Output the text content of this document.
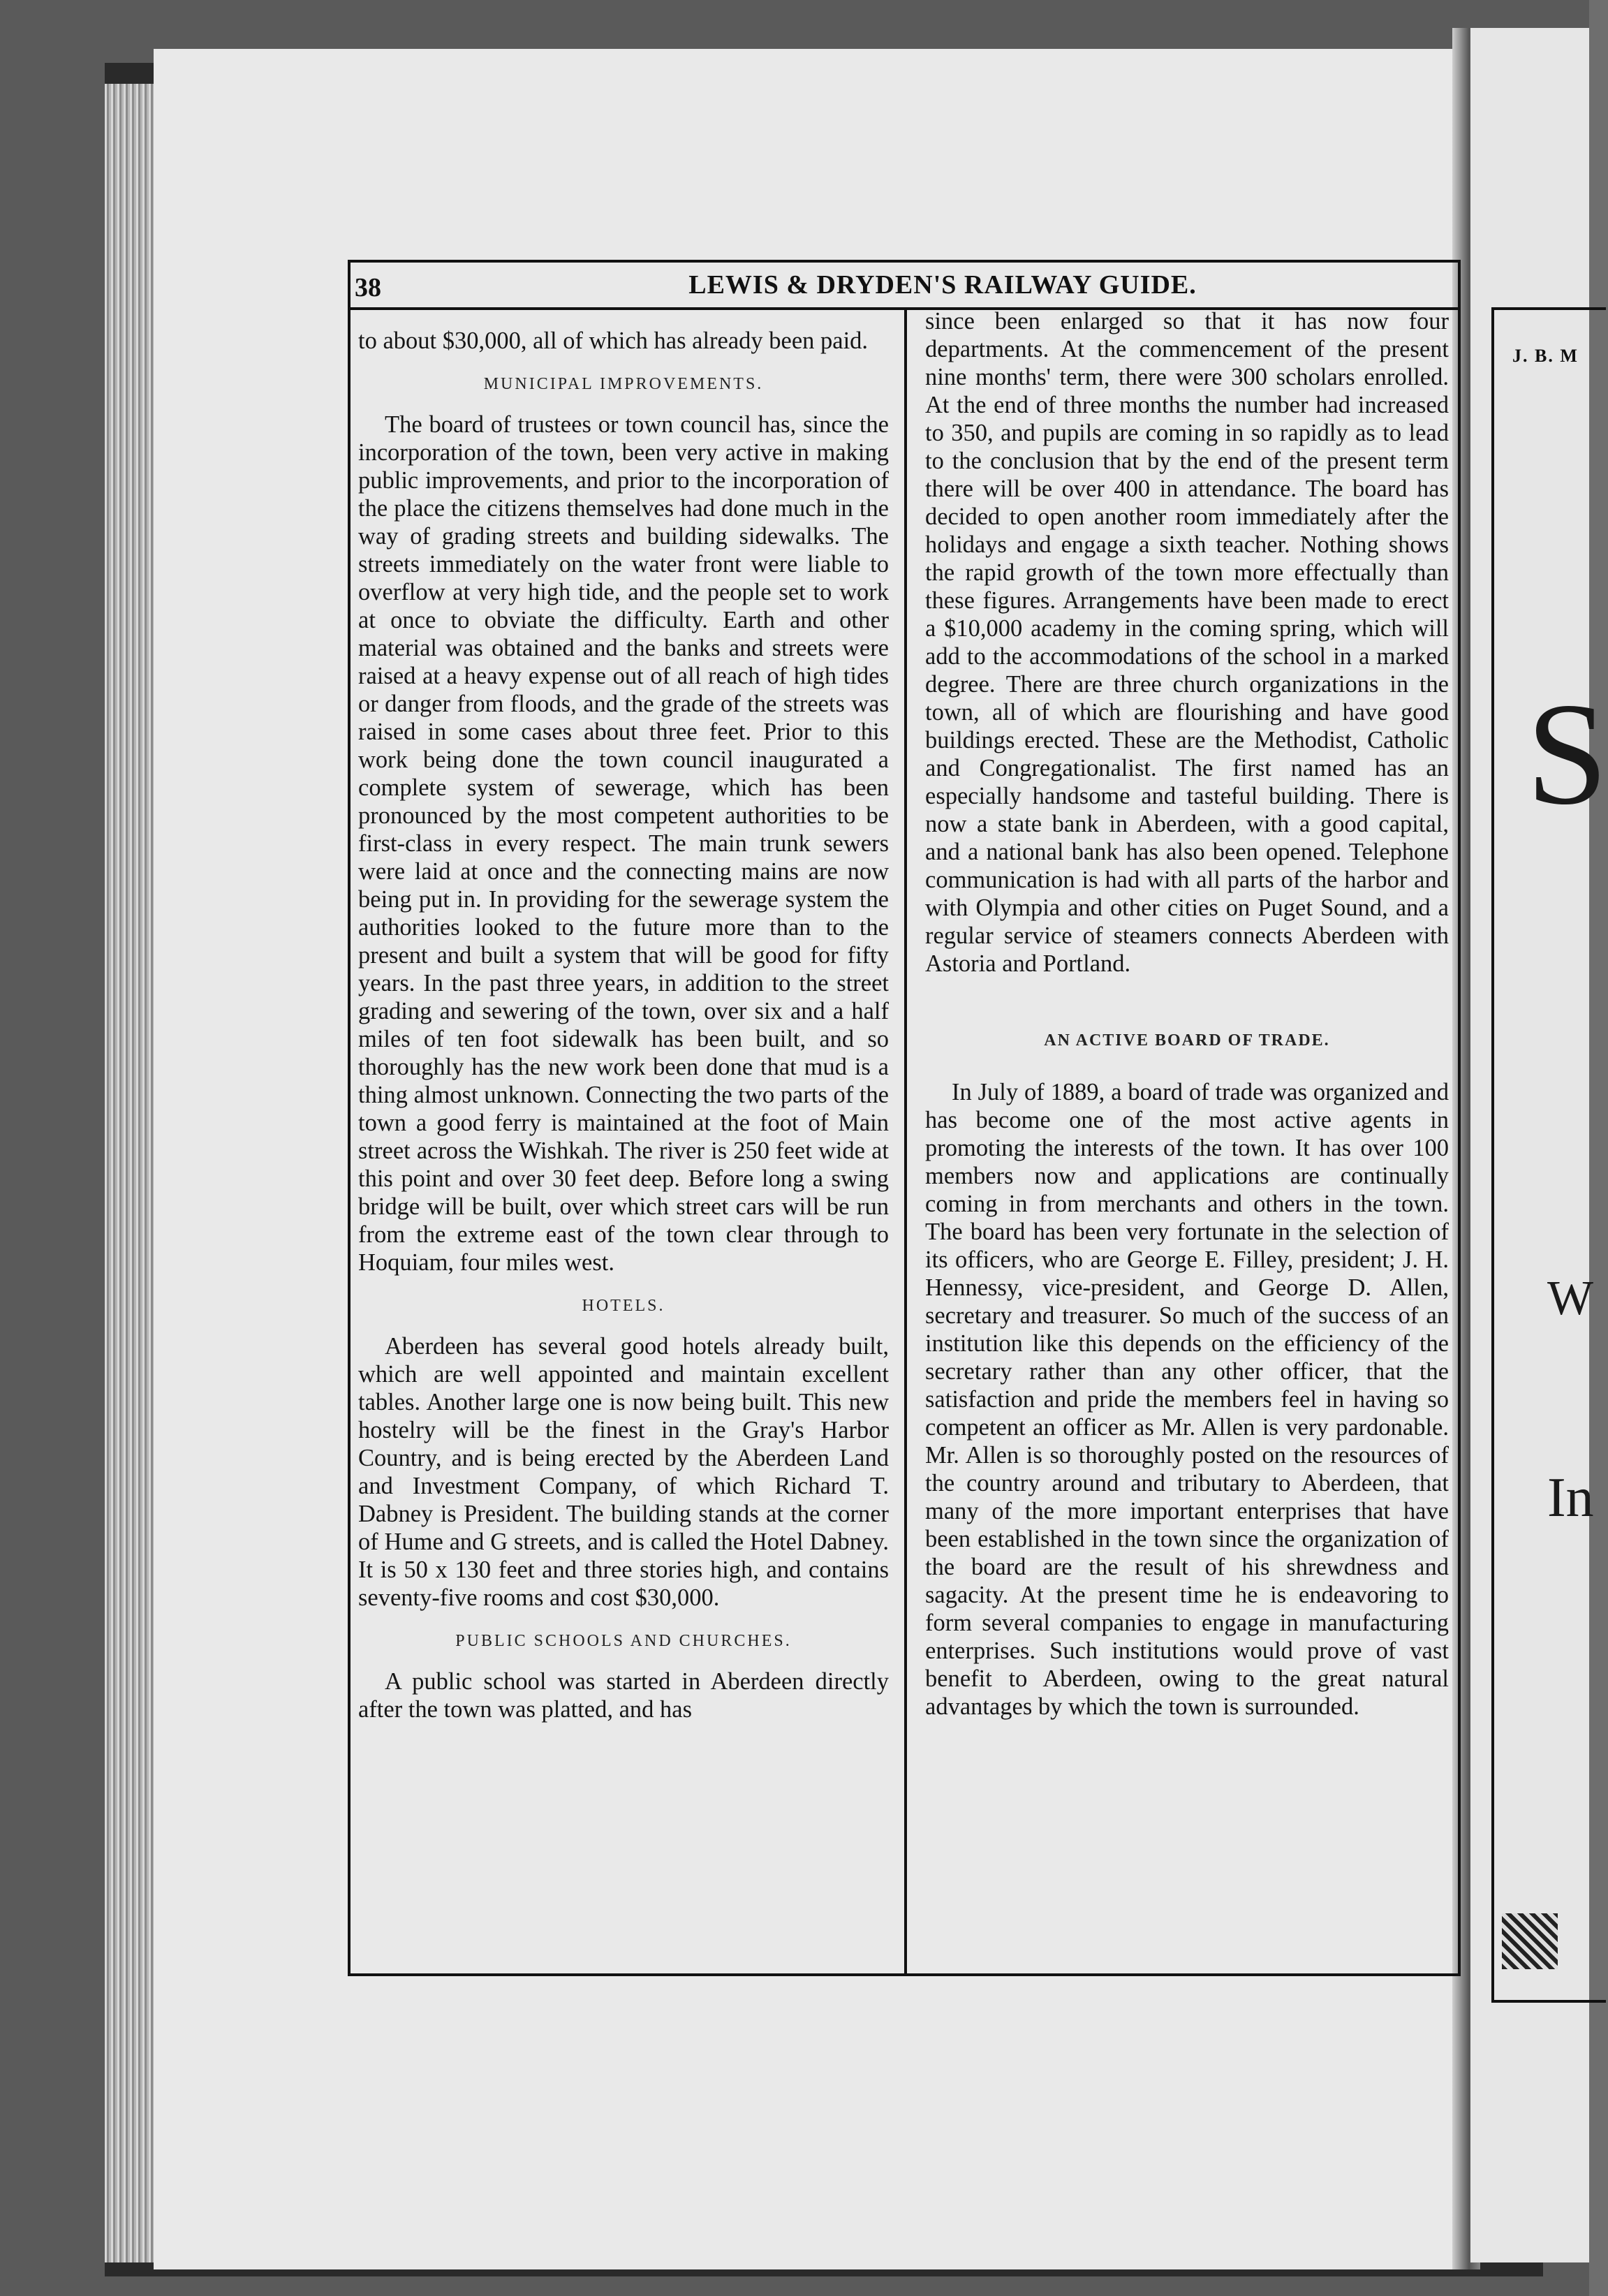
J. B. M
S
W
In
38	LEWIS & DRYDEN'S RAILWAY GUIDE.

to about $30,000, all of which has already been paid.

MUNICIPAL IMPROVEMENTS.

The board of trustees or town council has, since the incorporation of the town, been very active in making public improvements, and prior to the incorporation of the place the citizens themselves had done much in the way of grading streets and building sidewalks. The streets immediately on the water front were liable to overflow at very high tide, and the people set to work at once to obviate the difficulty. Earth and other material was obtained and the banks and streets were raised at a heavy expense out of all reach of high tides or danger from floods, and the grade of the streets was raised in some cases about three feet. Prior to this work being done the town council inaugurated a complete system of sewerage, which has been pronounced by the most competent authorities to be first-class in every respect. The main trunk sewers were laid at once and the connecting mains are now being put in. In providing for the sewerage system the authorities looked to the future more than to the present and built a system that will be good for fifty years. In the past three years, in addition to the street grading and sewering of the town, over six and a half miles of ten foot sidewalk has been built, and so thoroughly has the new work been done that mud is a thing almost unknown. Connecting the two parts of the town a good ferry is maintained at the foot of Main street across the Wishkah. The river is 250 feet wide at this point and over 30 feet deep. Before long a swing bridge will be built, over which street cars will be run from the extreme east of the town clear through to Hoquiam, four miles west.

HOTELS.

Aberdeen has several good hotels already built, which are well appointed and maintain excellent tables. Another large one is now being built. This new hostelry will be the finest in the Gray's Harbor Country, and is being erected by the Aberdeen Land and Investment Company, of which Richard T. Dabney is President. The building stands at the corner of Hume and G streets, and is called the Hotel Dabney. It is 50 x 130 feet and three stories high, and contains seventy-five rooms and cost $30,000.

PUBLIC SCHOOLS AND CHURCHES.

A public school was started in Aberdeen directly after the town was platted, and has

since been enlarged so that it has now four departments. At the commencement of the present nine months' term, there were 300 scholars enrolled. At the end of three months the number had increased to 350, and pupils are coming in so rapidly as to lead to the conclusion that by the end of the present term there will be over 400 in attendance. The board has decided to open another room immediately after the holidays and engage a sixth teacher. Nothing shows the rapid growth of the town more effectually than these figures. Arrangements have been made to erect a $10,000 academy in the coming spring, which will add to the accommodations of the school in a marked degree. There are three church organizations in the town, all of which are flourishing and have good buildings erected. These are the Methodist, Catholic and Congregationalist. The first named has an especially handsome and tasteful building. There is now a state bank in Aberdeen, with a good capital, and a national bank has also been opened. Telephone communication is had with all parts of the harbor and with Olympia and other cities on Puget Sound, and a regular service of steamers connects Aberdeen with Astoria and Portland.

AN ACTIVE BOARD OF TRADE.

In July of 1889, a board of trade was organized and has become one of the most active agents in promoting the interests of the town. It has over 100 members now and applications are continually coming in from merchants and others in the town. The board has been very fortunate in the selection of its officers, who are George E. Filley, president; J. H. Hennessy, vice-president, and George D. Allen, secretary and treasurer. So much of the success of an institution like this depends on the efficiency of the secretary rather than any other officer, that the satisfaction and pride the members feel in having so competent an officer as Mr. Allen is very pardonable. Mr. Allen is so thoroughly posted on the resources of the country around and tributary to Aberdeen, that many of the more important enterprises that have been established in the town since the organization of the board are the result of his shrewdness and sagacity. At the present time he is endeavoring to form several companies to engage in manufacturing enterprises. Such institutions would prove of vast benefit to Aberdeen, owing to the great natural advantages by which the town is surrounded.
